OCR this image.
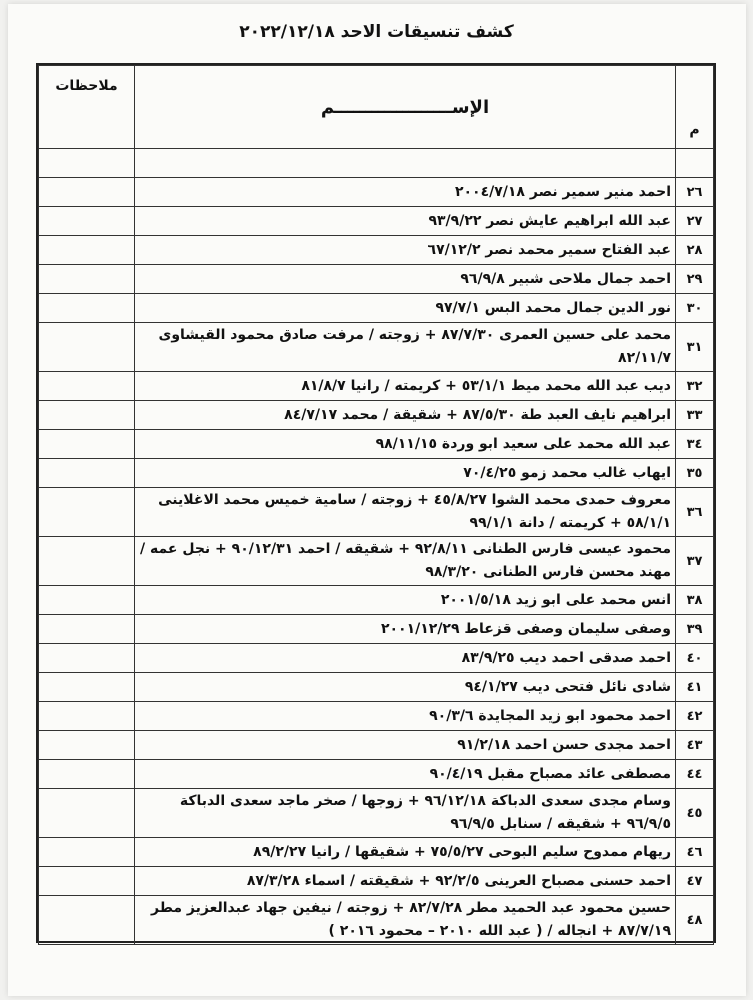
كشف تنسيقات الاحد ٢٠٢٢/١٢/١٨
م	الإســـــــــــــــــــم	ملاحظات

٢٦	احمد منير سمير نصر ٢٠٠٤/٧/١٨	
٢٧	عبد الله ابراهيم عايش نصر ٩٣/٩/٢٢	
٢٨	عبد الفتاح سمير محمد نصر ٦٧/١٢/٢	
٢٩	احمد جمال ملاحى شبير ٩٦/٩/٨	
٣٠	نور الدين جمال محمد البس ٩٧/٧/١	
٣١	محمد على حسين العمرى ٨٧/٧/٣٠ + زوجته / مرفت صادق محمود القيشاوى ٨٢/١١/٧	
٣٢	ديب عبد الله محمد ميط ٥٣/١/١ + كريمته / رانيا ٨١/٨/٧	
٣٣	ابراهيم نايف العبد طة ٨٧/٥/٣٠ + شقيقة / محمد ٨٤/٧/١٧	
٣٤	عبد الله محمد على سعيد ابو وردة ٩٨/١١/١٥	
٣٥	ايهاب غالب محمد زمو ٧٠/٤/٢٥	
٣٦	معروف حمدى محمد الشوا ٤٥/٨/٢٧ + زوجته / سامية خميس محمد الاغلاينى ٥٨/١/١ + كريمته / دانة ٩٩/١/١	
٣٧	محمود عيسى فارس الطنانى ٩٢/٨/١١ + شقيقه / احمد ٩٠/١٢/٣١ + نجل عمه / مهند محسن فارس الطنانى ٩٨/٣/٢٠	
٣٨	انس محمد على ابو زيد ٢٠٠١/٥/١٨	
٣٩	وصفى سليمان وصفى قزعاط ٢٠٠١/١٢/٢٩	
٤٠	احمد صدقى احمد ديب ٨٣/٩/٢٥	
٤١	شادى نائل فتحى ديب ٩٤/١/٢٧	
٤٢	احمد محمود ابو زيد المجايدة ٩٠/٣/٦	
٤٣	احمد مجدى حسن احمد ٩١/٢/١٨	
٤٤	مصطفى عائد مصباح مقبل ٩٠/٤/١٩	
٤٥	وسام مجدى سعدى الدباكة ٩٦/١٢/١٨ + زوجها / صخر ماجد سعدى الدباكة ٩٦/٩/٥ + شقيقه / سنابل ٩٦/٩/٥	
٤٦	ريهام ممدوح سليم البوحى ٧٥/٥/٢٧ + شقيقها / رانيا ٨٩/٢/٢٧	
٤٧	احمد حسنى مصباح العرينى ٩٢/٢/٥ + شقيقته / اسماء ٨٧/٣/٢٨	
٤٨	حسين محمود عبد الحميد مطر ٨٢/٧/٢٨ + زوجته / نيفين جهاد عبدالعزيز مطر ٨٧/٧/١٩ + انجاله / ( عبد الله ٢٠١٠ – محمود ٢٠١٦ )	
